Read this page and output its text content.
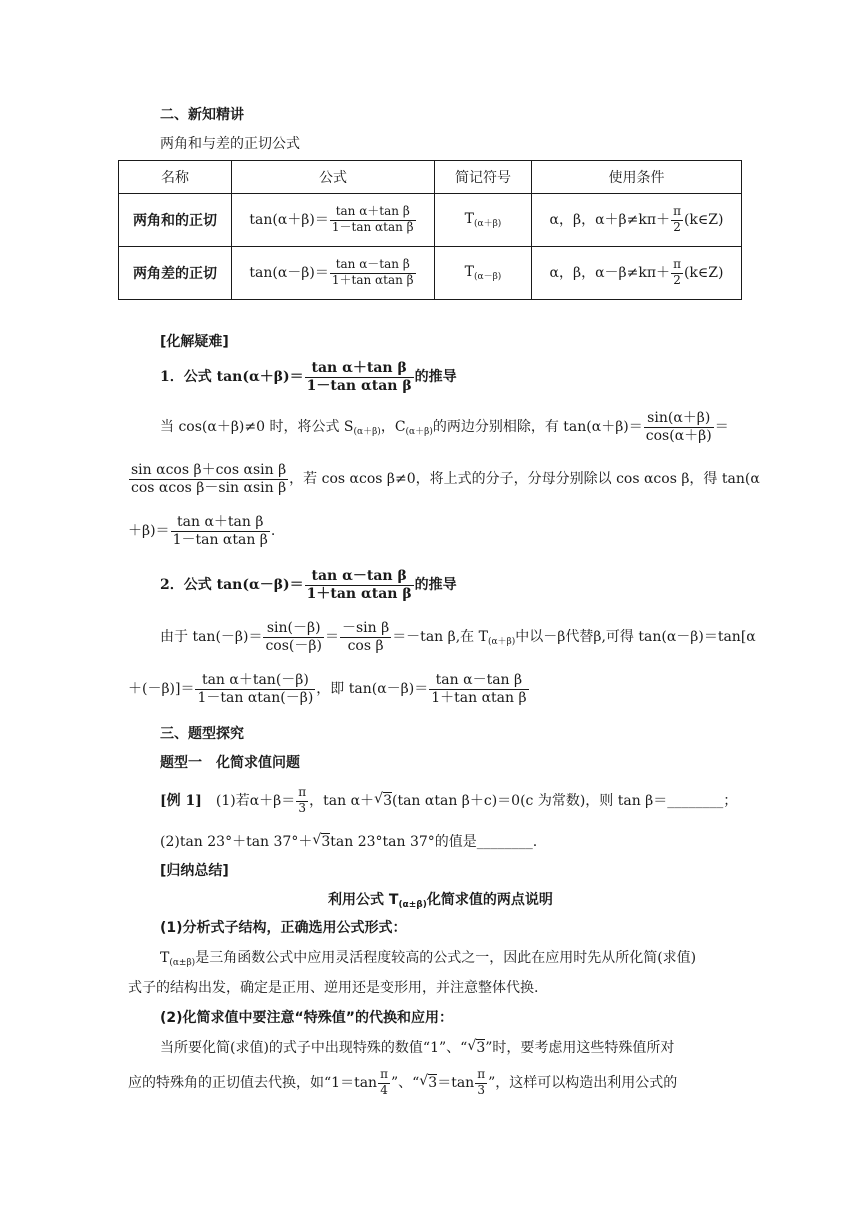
二、新知精讲
两角和与差的正切公式
名称	公式	简记符号	使用条件
两角和的正切	$\tan(\alpha+\beta)= \frac{\text{tan α＋tan β}}{\text{1－tan αtan β}}$	$T_{(\alpha+\beta)}$	α，β，$\alpha+\beta\ne k\pi+ \frac{\pi}{2}$ (k∈Z)
两角差的正切	$\tan(\alpha-\beta)= \frac{\text{tan α－tan β}}{\text{1＋tan αtan β}}$	$T_{(\alpha-\beta)}$	α，β，$\alpha-\beta\ne k\pi+ \frac{\pi}{2}$ (k∈Z)
[化解疑难]
1．公式 $\tan(\alpha+\beta)= \frac{\text{tan α＋tan β}}{\text{1－tan αtan β}}$ 的推导
当 cos(α＋β)≠0 时，将公式 $S_{(\alpha+\beta)}$，$C_{(\alpha+\beta)}$的两边分别相除，有 $\tan(\alpha+\beta)= \frac{\sin(\alpha+\beta)}{\cos(\alpha+\beta)}$ ＝
$\frac{\text{sin αcos β＋cos αsin β}}{\text{cos αcos β－sin αsin β}}$ ，若 cos αcos β≠0，将上式的分子，分母分别除以 cos αcos β，得 tan(α
$+\beta)= \frac{\text{tan α＋tan β}}{\text{1－tan αtan β}}$ .
2．公式 $\tan(\alpha-\beta)= \frac{\text{tan α－tan β}}{\text{1＋tan αtan β}}$ 的推导
由于 $\tan(-\beta)= \frac{\sin(-\beta)}{\cos(-\beta)} = \frac{\text{－sin β}}{\text{cos β}} =-\tan$ β,在 $T_{(\alpha+\beta)}$中以－β代替β,可得 tan(α－β)＝tan[α
$+(-\beta)]= \frac{\text{tan α＋tan(－β)}}{\text{1－tan αtan(－β)}}$ ，即 $\tan(\alpha-\beta)= \frac{\text{tan α－tan β}}{\text{1＋tan αtan β}}$
三、题型探究
题型一　化简求值问题
[例 1]  (1)若$\alpha+\beta= \frac{\pi}{3}$ ，tan α＋ √ 3(tan αtan β＋c)＝0(c 为常数)，则 tan β＝________；
(2)tan 23°＋tan 37°＋ √ 3tan 23°tan 37°的值是________.
[归纳总结]
利用公式 $T_{(\alpha\pm\beta)}$化简求值的两点说明
(1)分析式子结构，正确选用公式形式：
$T_{(\alpha\pm\beta)}$是三角函数公式中应用灵活程度较高的公式之一，因此在应用时先从所化简(求值)
式子的结构出发，确定是正用、逆用还是变形用，并注意整体代换.
(2)化简求值中要注意“特殊值”的代换和应用：
当所要化简(求值)的式子中出现特殊的数值“1”、“ √ 3”时，要考虑用这些特殊值所对
应的特殊角的正切值去代换，如“$1=\tan \frac{\pi}{4}$ ”、“ √ $3=\tan \frac{\pi}{3}$ ”，这样可以构造出利用公式的
